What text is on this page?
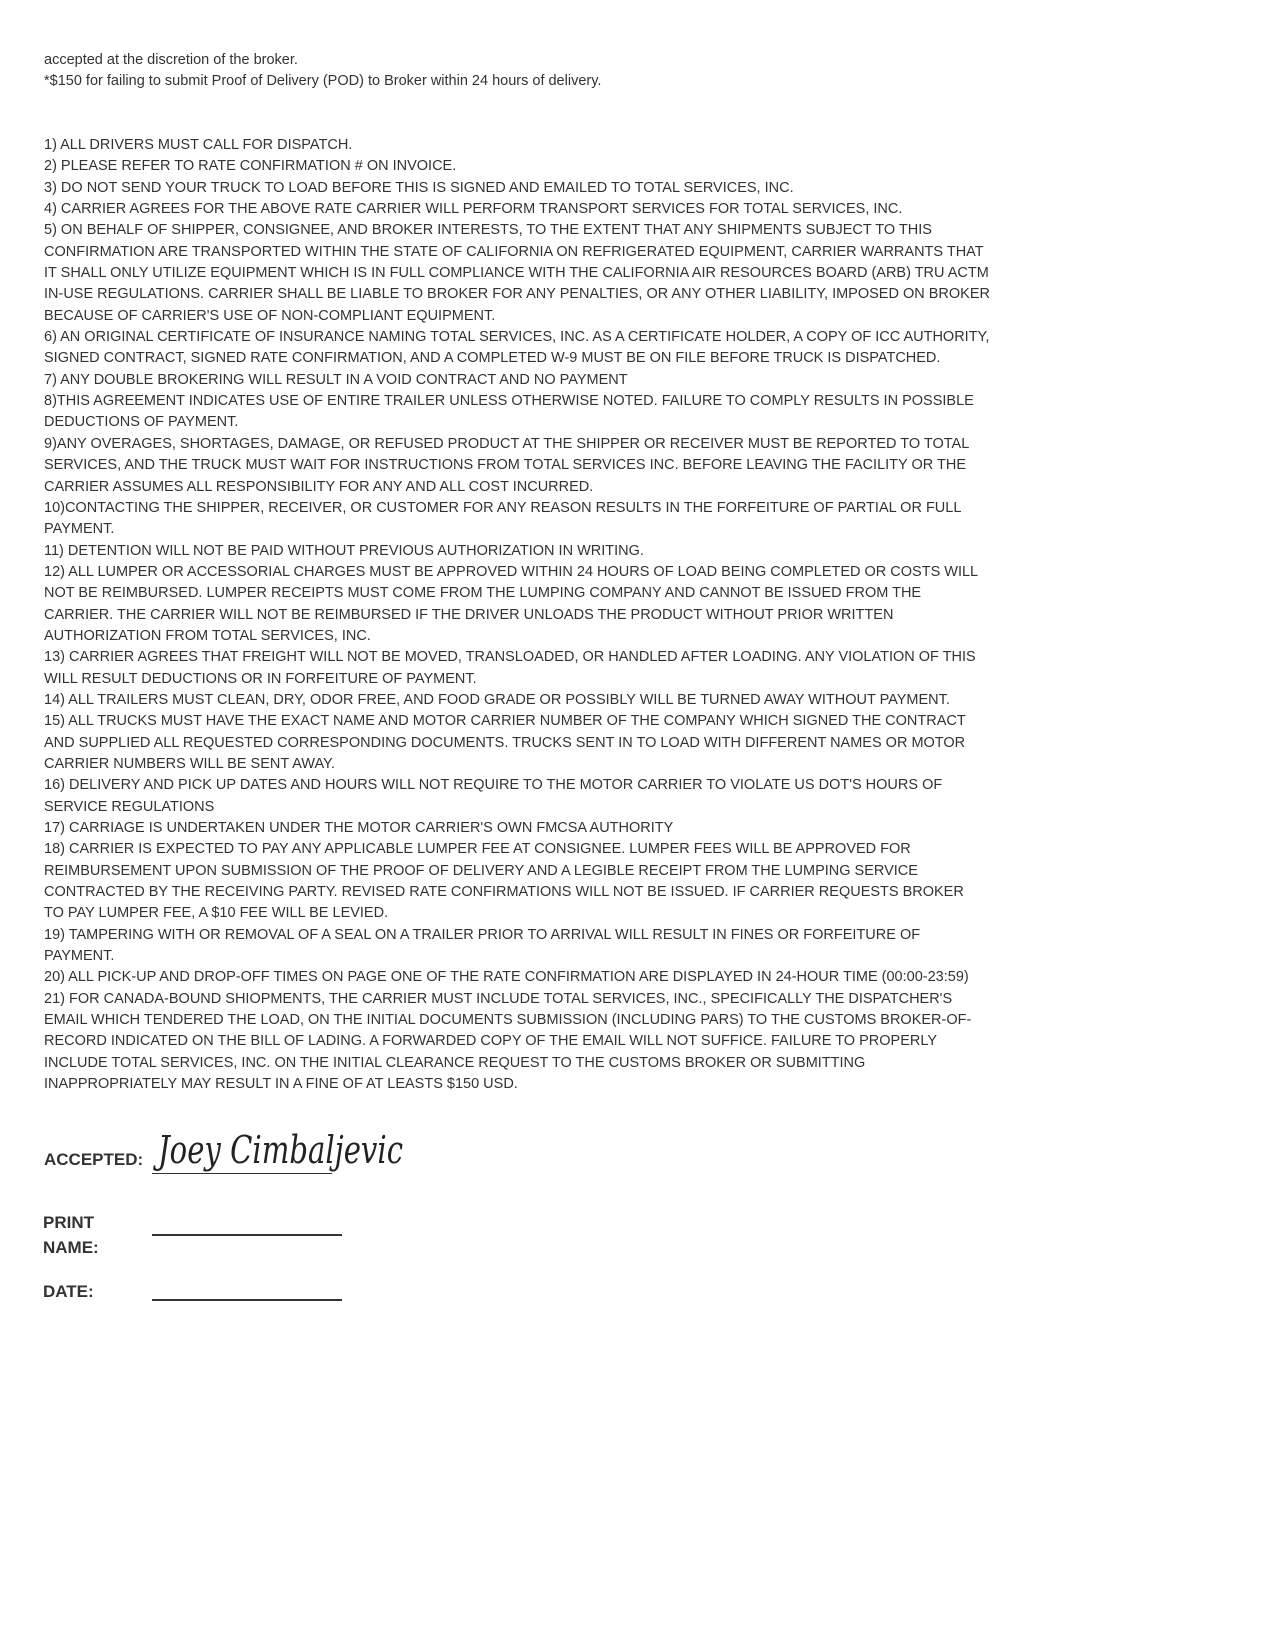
accepted at the discretion of the broker.
*$150 for failing to submit Proof of Delivery (POD) to Broker within 24 hours of delivery.
1) ALL DRIVERS MUST CALL FOR DISPATCH.
2) PLEASE REFER TO RATE CONFIRMATION # ON INVOICE.
3) DO NOT SEND YOUR TRUCK TO LOAD BEFORE THIS IS SIGNED AND EMAILED TO TOTAL SERVICES, INC.
4) CARRIER AGREES FOR THE ABOVE RATE CARRIER WILL PERFORM TRANSPORT SERVICES FOR TOTAL SERVICES, INC.
5) ON BEHALF OF SHIPPER, CONSIGNEE, AND BROKER INTERESTS, TO THE EXTENT THAT ANY SHIPMENTS SUBJECT TO THIS
CONFIRMATION ARE TRANSPORTED WITHIN THE STATE OF CALIFORNIA ON REFRIGERATED EQUIPMENT, CARRIER WARRANTS THAT
IT SHALL ONLY UTILIZE EQUIPMENT WHICH IS IN FULL COMPLIANCE WITH THE CALIFORNIA AIR RESOURCES BOARD (ARB) TRU ACTM
IN-USE REGULATIONS. CARRIER SHALL BE LIABLE TO BROKER FOR ANY PENALTIES, OR ANY OTHER LIABILITY, IMPOSED ON BROKER
BECAUSE OF CARRIER'S USE OF NON-COMPLIANT EQUIPMENT.
6) AN ORIGINAL CERTIFICATE OF INSURANCE NAMING TOTAL SERVICES, INC. AS A CERTIFICATE HOLDER, A COPY OF ICC AUTHORITY,
SIGNED CONTRACT, SIGNED RATE CONFIRMATION, AND A COMPLETED W-9 MUST BE ON FILE BEFORE TRUCK IS DISPATCHED.
7) ANY DOUBLE BROKERING WILL RESULT IN A VOID CONTRACT AND NO PAYMENT
8)THIS AGREEMENT INDICATES USE OF ENTIRE TRAILER UNLESS OTHERWISE NOTED. FAILURE TO COMPLY RESULTS IN POSSIBLE
DEDUCTIONS OF PAYMENT.
9)ANY OVERAGES, SHORTAGES, DAMAGE, OR REFUSED PRODUCT AT THE SHIPPER OR RECEIVER MUST BE REPORTED TO TOTAL
SERVICES, AND THE TRUCK MUST WAIT FOR INSTRUCTIONS FROM TOTAL SERVICES INC. BEFORE LEAVING THE FACILITY OR THE
CARRIER ASSUMES ALL RESPONSIBILITY FOR ANY AND ALL COST INCURRED.
10)CONTACTING THE SHIPPER, RECEIVER, OR CUSTOMER FOR ANY REASON RESULTS IN THE FORFEITURE OF PARTIAL OR FULL
PAYMENT.
11) DETENTION WILL NOT BE PAID WITHOUT PREVIOUS AUTHORIZATION IN WRITING.
12) ALL LUMPER OR ACCESSORIAL CHARGES MUST BE APPROVED WITHIN 24 HOURS OF LOAD BEING COMPLETED OR COSTS WILL
NOT BE REIMBURSED. LUMPER RECEIPTS MUST COME FROM THE LUMPING COMPANY AND CANNOT BE ISSUED FROM THE
CARRIER. THE CARRIER WILL NOT BE REIMBURSED IF THE DRIVER UNLOADS THE PRODUCT WITHOUT PRIOR WRITTEN
AUTHORIZATION FROM TOTAL SERVICES, INC.
13) CARRIER AGREES THAT FREIGHT WILL NOT BE MOVED, TRANSLOADED, OR HANDLED AFTER LOADING. ANY VIOLATION OF THIS
WILL RESULT DEDUCTIONS OR IN FORFEITURE OF PAYMENT.
14) ALL TRAILERS MUST CLEAN, DRY, ODOR FREE, AND FOOD GRADE OR POSSIBLY WILL BE TURNED AWAY WITHOUT PAYMENT.
15) ALL TRUCKS MUST HAVE THE EXACT NAME AND MOTOR CARRIER NUMBER OF THE COMPANY WHICH SIGNED THE CONTRACT
AND SUPPLIED ALL REQUESTED CORRESPONDING DOCUMENTS. TRUCKS SENT IN TO LOAD WITH DIFFERENT NAMES OR MOTOR
CARRIER NUMBERS WILL BE SENT AWAY.
16) DELIVERY AND PICK UP DATES AND HOURS WILL NOT REQUIRE TO THE MOTOR CARRIER TO VIOLATE US DOT'S HOURS OF
SERVICE REGULATIONS
17) CARRIAGE IS UNDERTAKEN UNDER THE MOTOR CARRIER'S OWN FMCSA AUTHORITY
18) CARRIER IS EXPECTED TO PAY ANY APPLICABLE LUMPER FEE AT CONSIGNEE. LUMPER FEES WILL BE APPROVED FOR
REIMBURSEMENT UPON SUBMISSION OF THE PROOF OF DELIVERY AND A LEGIBLE RECEIPT FROM THE LUMPING SERVICE
CONTRACTED BY THE RECEIVING PARTY. REVISED RATE CONFIRMATIONS WILL NOT BE ISSUED. IF CARRIER REQUESTS BROKER
TO PAY LUMPER FEE, A $10 FEE WILL BE LEVIED.
19) TAMPERING WITH OR REMOVAL OF A SEAL ON A TRAILER PRIOR TO ARRIVAL WILL RESULT IN FINES OR FORFEITURE OF
PAYMENT.
20) ALL PICK-UP AND DROP-OFF TIMES ON PAGE ONE OF THE RATE CONFIRMATION ARE DISPLAYED IN 24-HOUR TIME (00:00-23:59)
21) FOR CANADA-BOUND SHIOPMENTS, THE CARRIER MUST INCLUDE TOTAL SERVICES, INC., SPECIFICALLY THE DISPATCHER'S
EMAIL WHICH TENDERED THE LOAD, ON THE INITIAL DOCUMENTS SUBMISSION (INCLUDING PARS) TO THE CUSTOMS BROKER-OF-
RECORD INDICATED ON THE BILL OF LADING. A FORWARDED COPY OF THE EMAIL WILL NOT SUFFICE. FAILURE TO PROPERLY
INCLUDE TOTAL SERVICES, INC. ON THE INITIAL CLEARANCE REQUEST TO THE CUSTOMS BROKER OR SUBMITTING
INAPPROPRIATELY MAY RESULT IN A FINE OF AT LEASTS $150 USD.
ACCEPTED: Joey Cimbaljevic
PRINT
NAME:
DATE:
